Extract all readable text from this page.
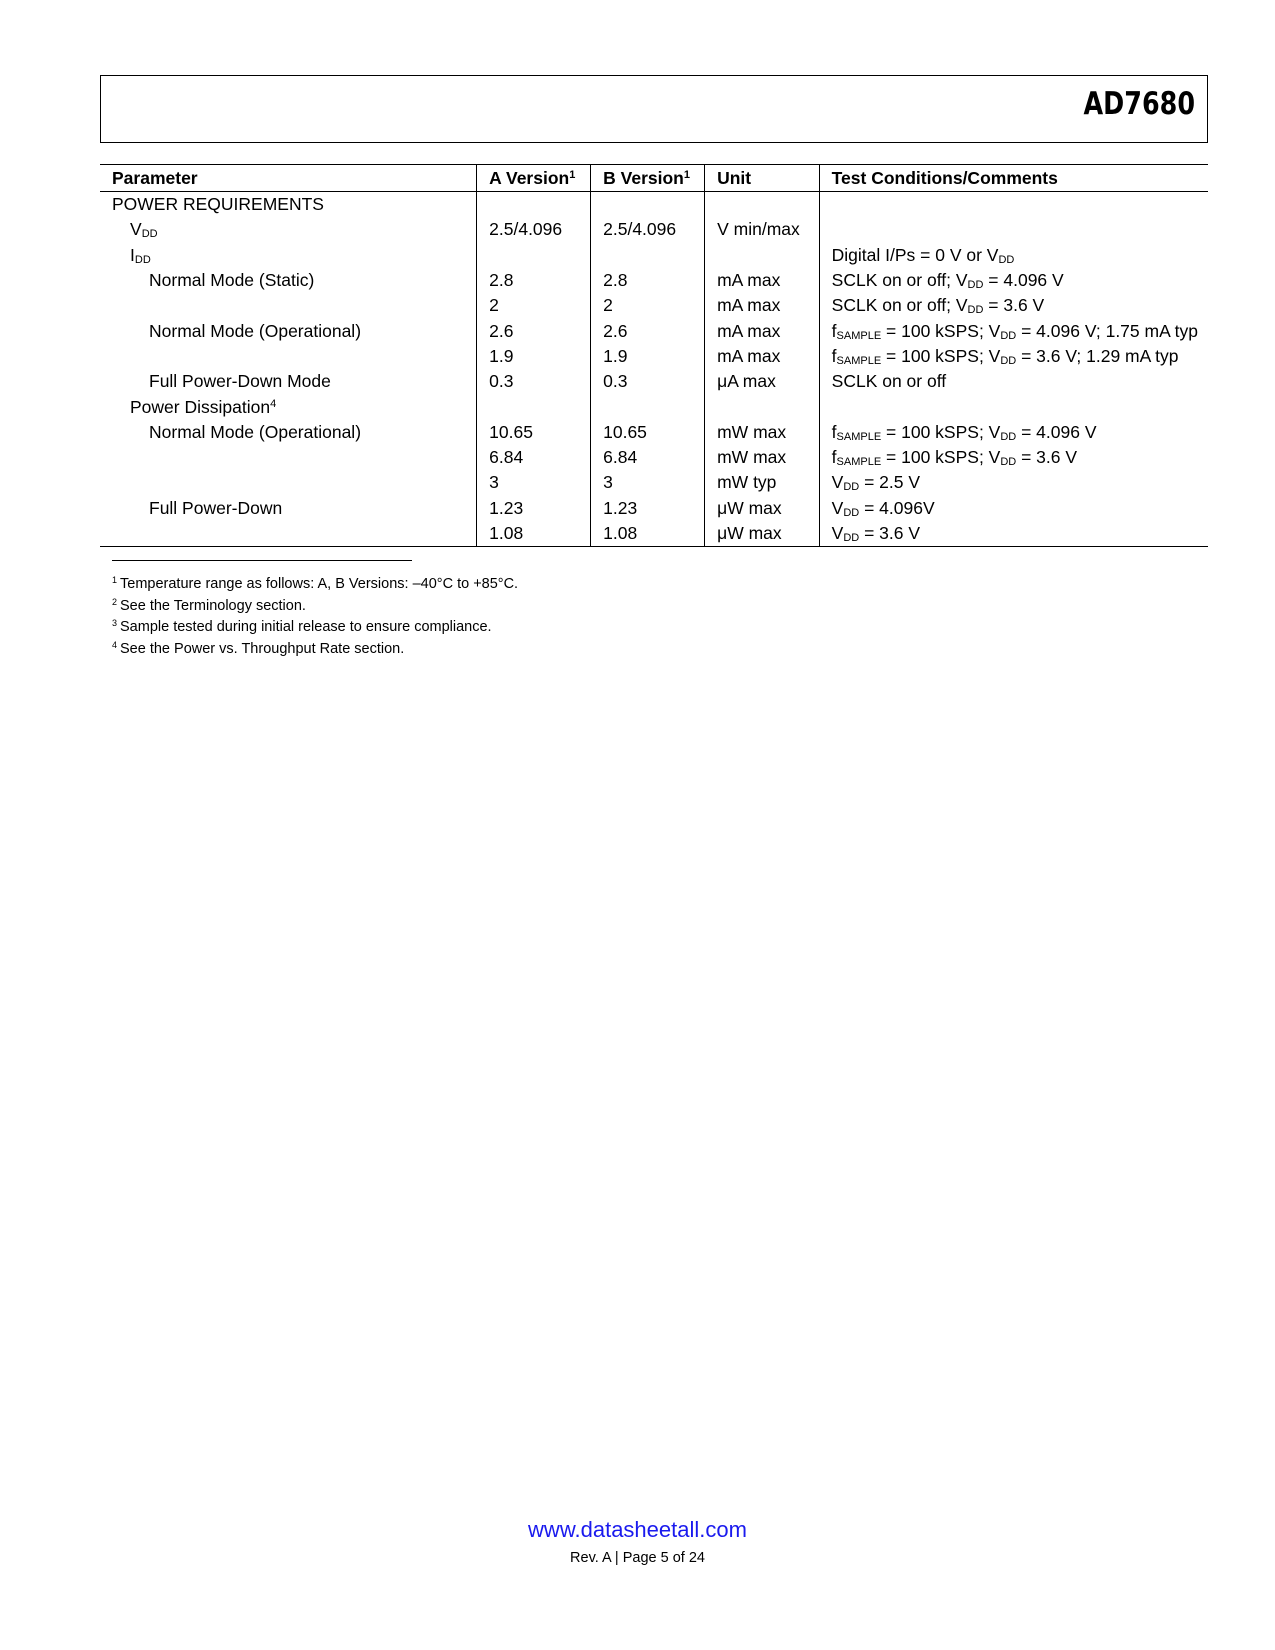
AD7680
Parameter	A Version$^1$	B Version$^1$	Unit	Test Conditions/Comments
POWER REQUIREMENTS				
$V_{DD}$	2.5/4.096	2.5/4.096	V min/max	
$I_{DD}$				Digital I/Ps = 0 V or $V_{DD}$
Normal Mode (Static)	2.8	2.8	mA max	SCLK on or off; $V_{DD} = 4.096$ V
	2	2	mA max	SCLK on or off; $V_{DD} = 3.6$ V
Normal Mode (Operational)	2.6	2.6	mA max	$f_{SAMPLE} = 100$ kSPS; $V_{DD} = 4.096$ V; 1.75 mA typ
	1.9	1.9	mA max	$f_{SAMPLE} = 100$ kSPS; $V_{DD} = 3.6$ V; 1.29 mA typ
Full Power-Down Mode	0.3	0.3	μA max	SCLK on or off
Power Dissipation$^4$				
Normal Mode (Operational)	10.65	10.65	mW max	$f_{SAMPLE} = 100$ kSPS; $V_{DD} = 4.096$ V
	6.84	6.84	mW max	$f_{SAMPLE} = 100$ kSPS; $V_{DD} = 3.6$ V
	3	3	mW typ	$V_{DD} = 2.5$ V
Full Power-Down	1.23	1.23	μW max	$V_{DD} = 4.096V$
	1.08	1.08	μW max	$V_{DD} = 3.6$ V
$^1$ Temperature range as follows: A, B Versions: –40°C to +85°C.
$^2$ See the Terminology section.
$^3$ Sample tested during initial release to ensure compliance.
$^4$ See the Power vs. Throughput Rate section.
www.datasheetall.com
Rev. A | Page 5 of 24
